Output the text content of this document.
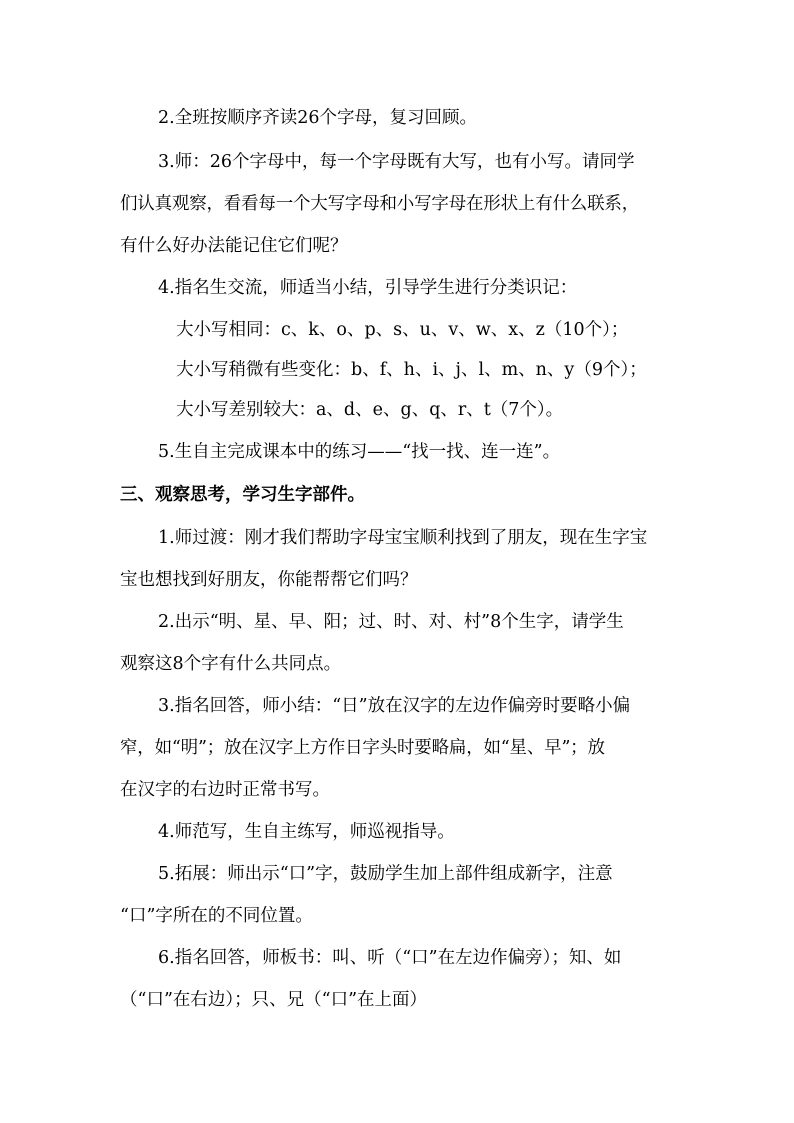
2.全班按顺序齐读26个字母，复习回顾。
3.师：26个字母中，每一个字母既有大写，也有小写。请同学
们认真观察，看看每一个大写字母和小写字母在形状上有什么联系，
有什么好办法能记住它们呢？
4.指名生交流，师适当小结，引导学生进行分类识记：
大小写相同：c、k、o、p、s、u、v、w、x、z（10个）；
大小写稍微有些变化：b、f、h、i、j、l、m、n、y（9个）；
大小写差别较大：a、d、e、g、q、r、t（7个）。
5.生自主完成课本中的练习——“找一找、连一连”。
三、观察思考，学习生字部件。
1.师过渡：刚才我们帮助字母宝宝顺利找到了朋友，现在生字宝
宝也想找到好朋友，你能帮帮它们吗？
2.出示“明、星、早、阳；过、时、对、村”8个生字，请学生
观察这8个字有什么共同点。
3.指名回答，师小结：“日”放在汉字的左边作偏旁时要略小偏
窄，如“明”；放在汉字上方作日字头时要略扁，如“星、早”；放
在汉字的右边时正常书写。
4.师范写，生自主练写，师巡视指导。
5.拓展：师出示“口”字，鼓励学生加上部件组成新字，注意
“口”字所在的不同位置。
6.指名回答，师板书：叫、听（“口”在左边作偏旁）；知、如
（“口”在右边）；只、兄（“口”在上面）
